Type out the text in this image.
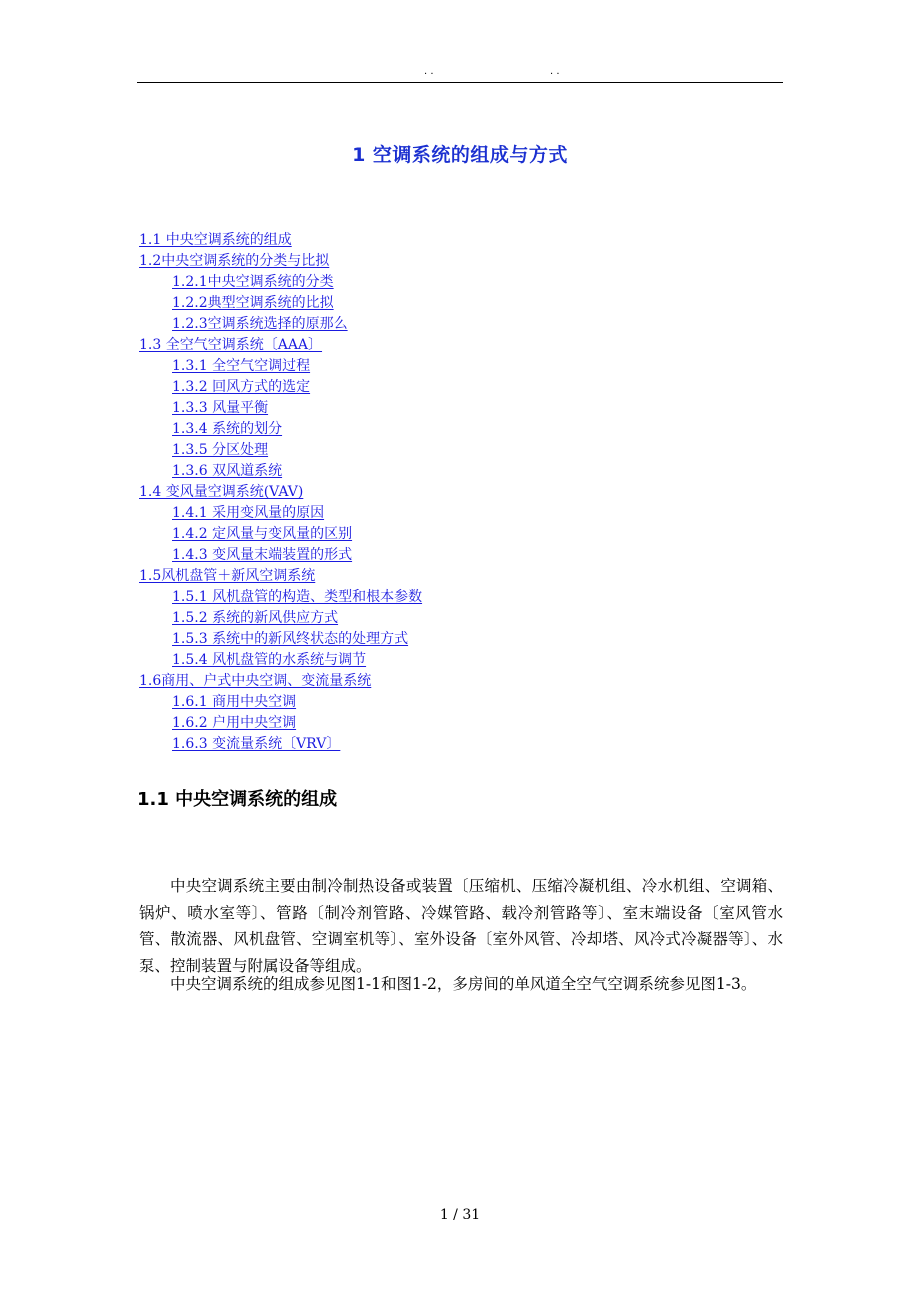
. .	. .
1 空调系统的组成与方式
1.1 中央空调系统的组成
1.2中央空调系统的分类与比拟
1.2.1中央空调系统的分类
1.2.2典型空调系统的比拟
1.2.3空调系统选择的原那么
1.3 全空气空调系统〔AAA〕
1.3.1 全空气空调过程
1.3.2 回风方式的选定
1.3.3 风量平衡
1.3.4 系统的划分
1.3.5 分区处理
1.3.6 双风道系统
1.4 变风量空调系统(VAV)
1.4.1 采用变风量的原因
1.4.2 定风量与变风量的区别
1.4.3 变风量末端装置的形式
1.5风机盘管＋新风空调系统
1.5.1 风机盘管的构造、类型和根本参数
1.5.2 系统的新风供应方式
1.5.3 系统中的新风终状态的处理方式
1.5.4 风机盘管的水系统与调节
1.6商用、户式中央空调、变流量系统
1.6.1 商用中央空调
1.6.2 户用中央空调
1.6.3 变流量系统〔VRV〕
1.1 中央空调系统的组成

中央空调系统主要由制冷制热设备或装置〔压缩机、压缩冷凝机组、冷水机组、空调箱、锅炉、喷水室等〕、管路〔制冷剂管路、冷媒管路、载冷剂管路等〕、室末端设备〔室风管水管、散流器、风机盘管、空调室机等〕、室外设备〔室外风管、冷却塔、风冷式冷凝器等〕、水泵、控制装置与附属设备等组成。

中央空调系统的组成参见图1-1和图1-2，多房间的单风道全空气空调系统参见图1-3。

1 / 31
